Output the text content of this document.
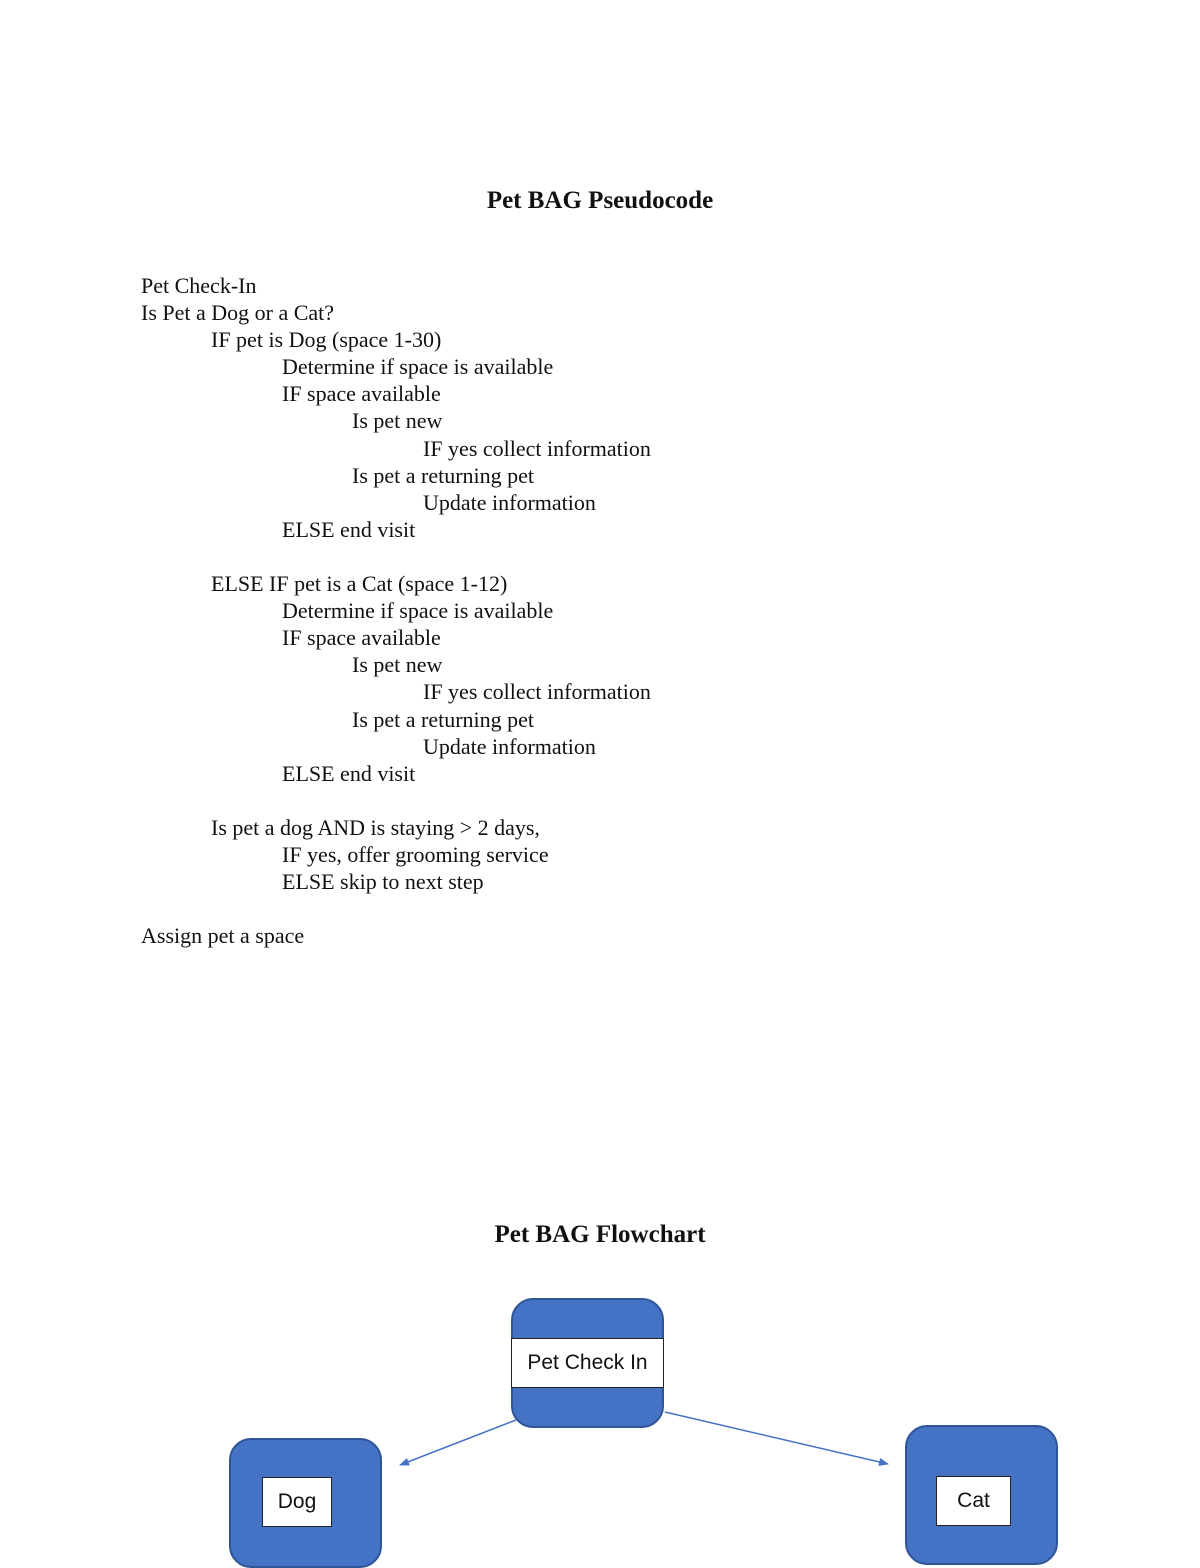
Pet BAG Pseudocode
Pet Check-In
Is Pet a Dog or a Cat?
IF pet is Dog (space 1-30)
Determine if space is available
IF space available
Is pet new
IF yes collect information
Is pet a returning pet
Update information
ELSE end visit
ELSE IF pet is a Cat (space 1-12)
Determine if space is available
IF space available
Is pet new
IF yes collect information
Is pet a returning pet
Update information
ELSE end visit
Is pet a dog AND is staying > 2 days,
IF yes, offer grooming service
ELSE skip to next step
Assign pet a space
Pet BAG Flowchart
Pet Check In
Dog	Cat
